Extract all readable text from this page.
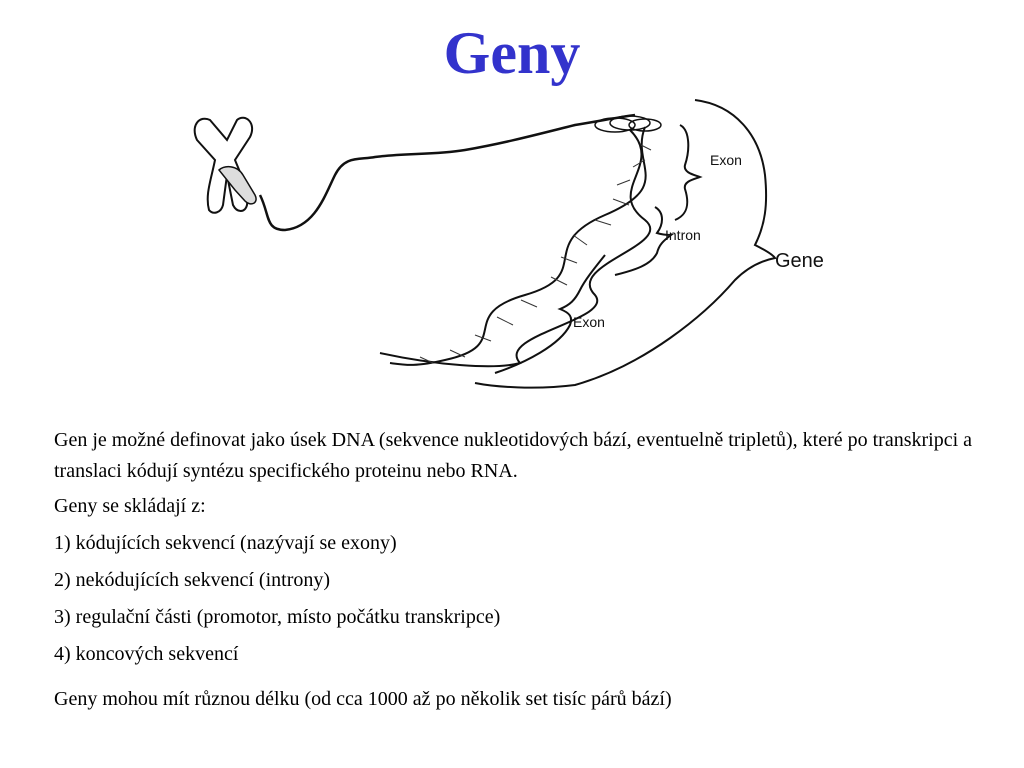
Geny
Exon
Intron
Gene
Exon

Gen je možné definovat jako úsek DNA (sekvence nukleotidových bází, eventuelně tripletů), které po transkripci a translaci kódují syntézu specifického proteinu nebo RNA.

Geny se skládají z:

1) kódujících sekvencí (nazývají se exony)

2) nekódujících sekvencí (introny)

3) regulační části (promotor, místo počátku transkripce)

4) koncových sekvencí

Geny mohou mít různou délku (od cca 1000 až po několik set tisíc párů bází)
